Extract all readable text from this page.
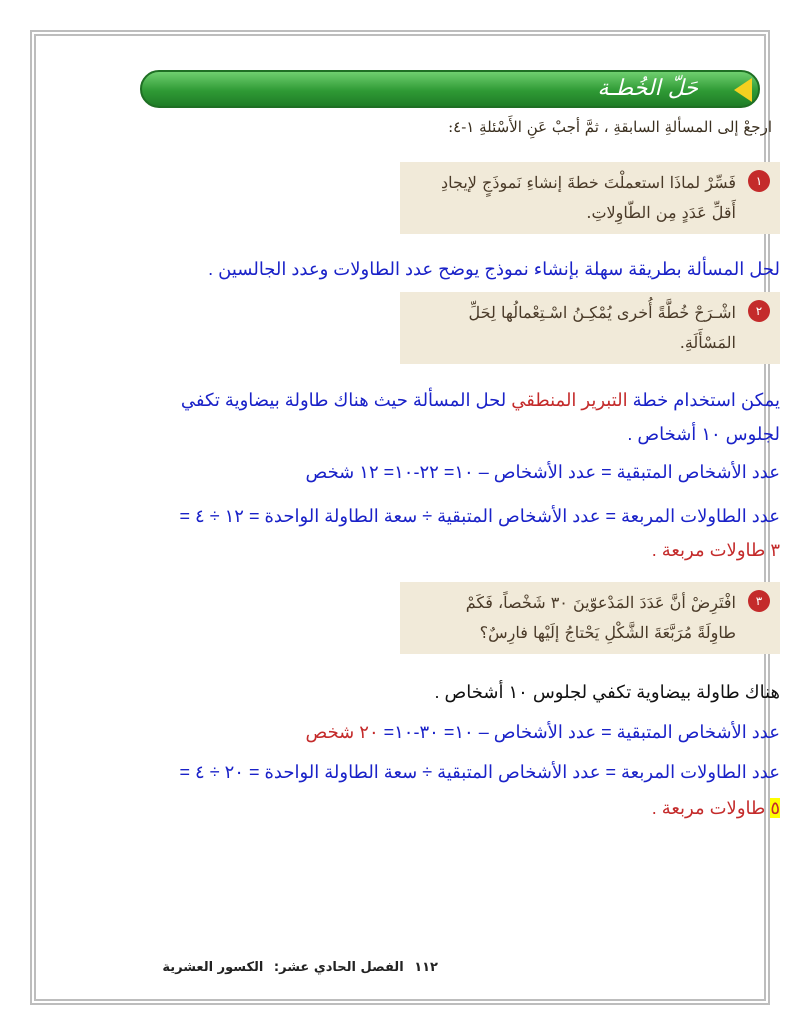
حَلّ الخُطـة
ارجعْ إلى المسألةِ السابقةِ ، ثمَّ أجبْ عَنِ الأَسْئلةِ ١-٤:
١
فَسِّرْ لماذَا استعملْتَ خطةَ إنشاءِ نَموذَجٍ لإيجادِ
أَقلِّ عَدَدٍ مِن الطّاوِلاتِ.
لحل المسألة بطريقة سهلة بإنشاء نموذج يوضح عدد الطاولات وعدد الجالسين .
٢
اشْـرَحْ خُطَّةً أُخرى يُمْكِـنُ اسْـتِعْمالُها لِحَلِّ
المَسْأَلَةِ.
يمكن استخدام خطة التبرير المنطقي لحل المسألة حيث هناك طاولة بيضاوية تكفي
لجلوس ١٠ أشخاص .
عدد الأشخاص المتبقية = عدد الأشخاص – ١٠= ٢٢-١٠= ١٢ شخص
عدد الطاولات المربعة = عدد الأشخاص المتبقية ÷ سعة الطاولة الواحدة = ١٢ ÷ ٤ =
٣ طاولات مربعة .
٣
افْتَرِضْ أنَّ عَدَدَ المَدْعوّينَ ٣٠ شَخْصاً، فَكَمْ
طاوِلَةً مُرَبَّعَةَ الشَّكْلِ يَحْتاجُ إلَيْها فارِسٌ؟
هناك طاولة بيضاوية تكفي لجلوس ١٠ أشخاص .
عدد الأشخاص المتبقية = عدد الأشخاص – ١٠= ٣٠-١٠= ٢٠ شخص
عدد الطاولات المربعة = عدد الأشخاص المتبقية ÷ سعة الطاولة الواحدة = ٢٠ ÷ ٤ =
٥ طاولات مربعة .
١١٢ الفصل الحادي عشر: الكسور العشرية
